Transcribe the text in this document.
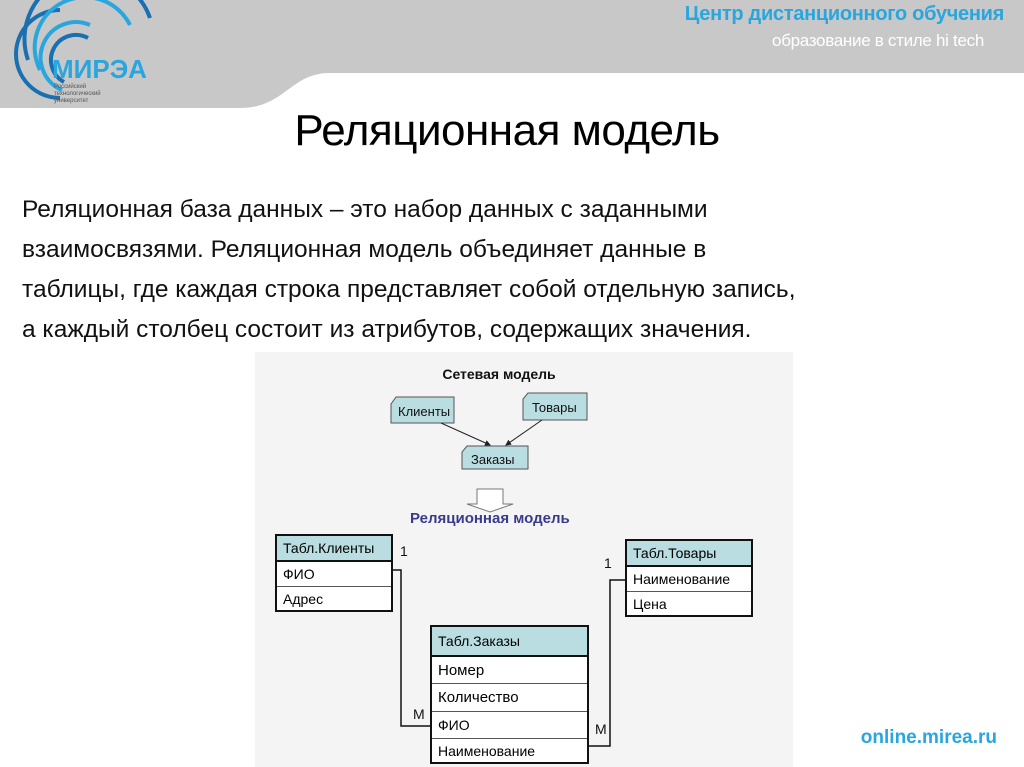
МИРЭА
Российский
технологический
университет
Центр дистанционного обучения
образование в стиле hi tech
Реляционная модель
Реляционная база данных – это набор данных с заданными
взаимосвязями. Реляционная модель объединяет данные в
таблицы, где каждая строка представляет собой отдельную запись,
а каждый столбец состоит из атрибутов, содержащих значения.
Сетевая модель
Клиенты	Товары
Заказы
Реляционная модель
Табл.Клиенты
ФИО
Адрес
Табл.Товары
Наименование
Цена
Табл.Заказы
Номер
Количество
ФИО
Наименование
1
1
M
M	online.mirea.ru
